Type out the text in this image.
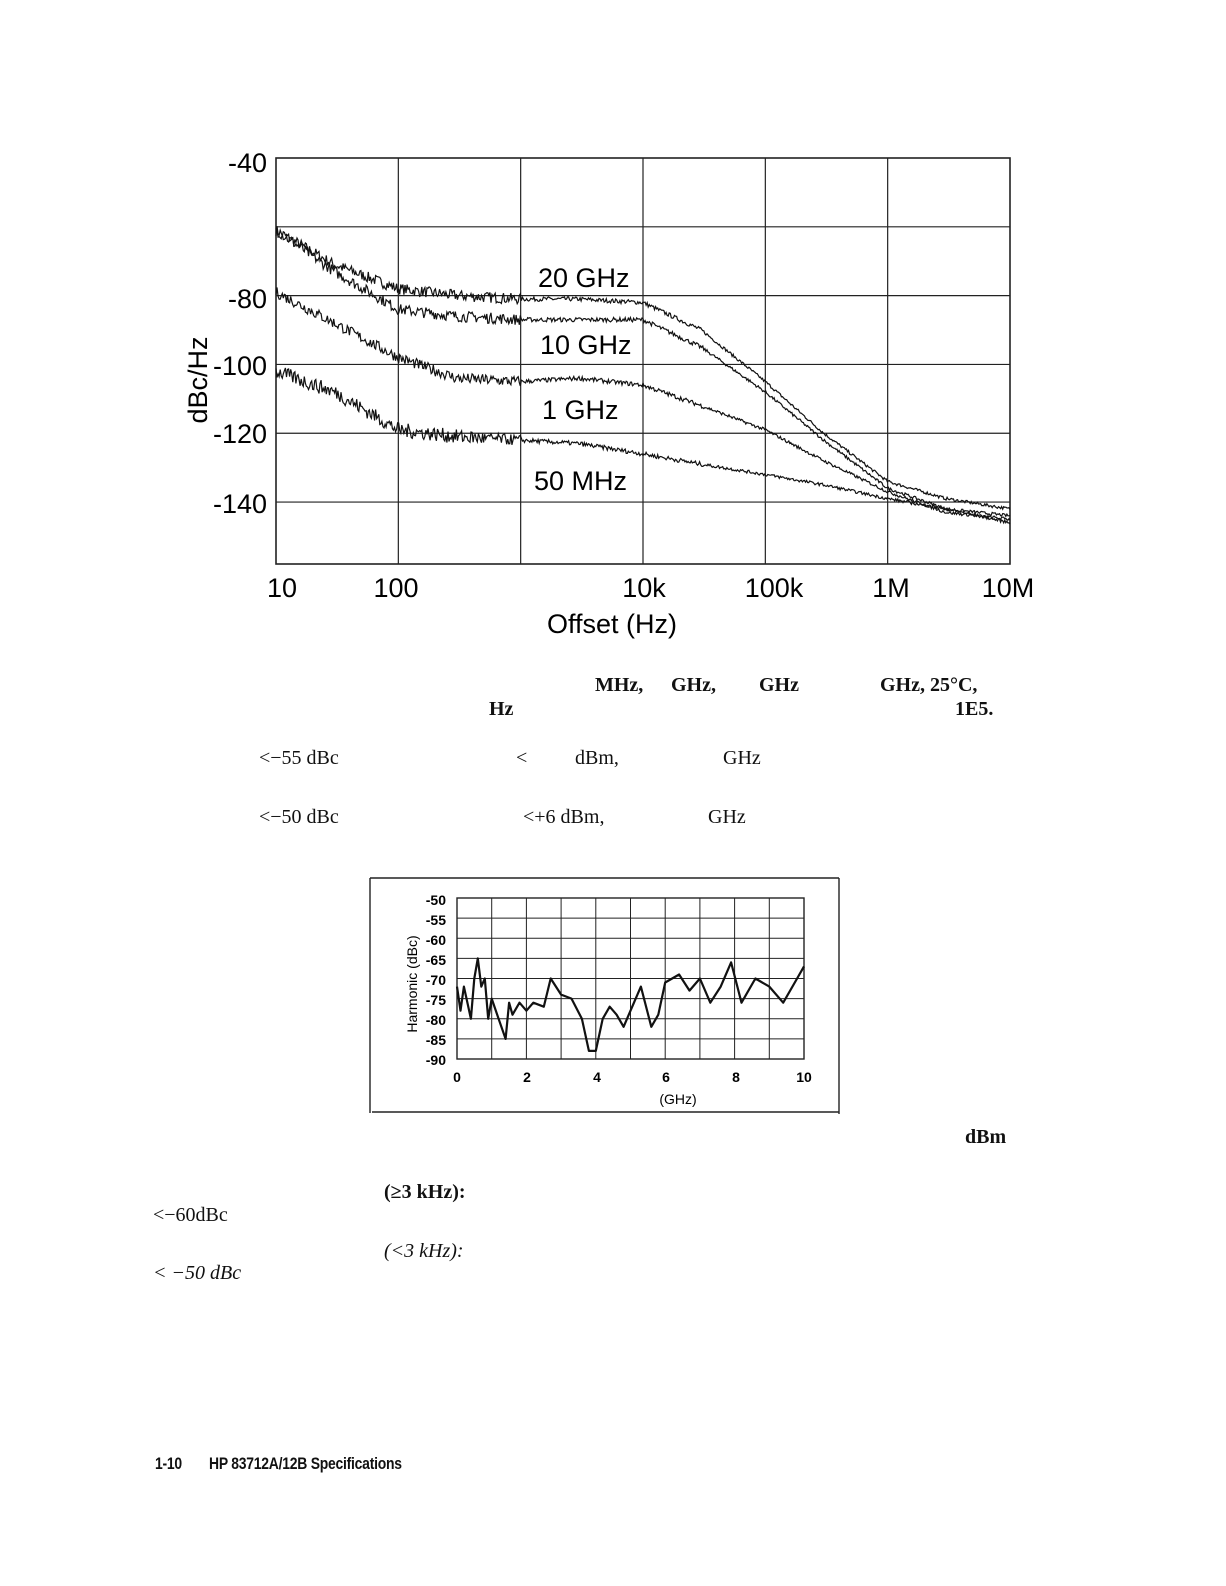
-40
-80
-100
-120
-140
10	100	10k	100k	1M	10M
Offset (Hz)
dBc/Hz
20 GHz
10 GHz
1 GHz
50 MHz
MHz, GHz, GHz	GHz, 25°C,
Hz	1E5.
<−55 dBc	< dBm,	GHz
<−50 dBc	<+6 dBm,	GHz
-50
-55
-60
-65
-70
-75
-80
-85
-90
0	2	4	6	8	10
(GHz)
Harmonic (dBc)
dBm
(≥3 kHz):
<−60dBc
(<3 kHz):
< −50 dBc
1-10 HP 83712A/12B Specifications
